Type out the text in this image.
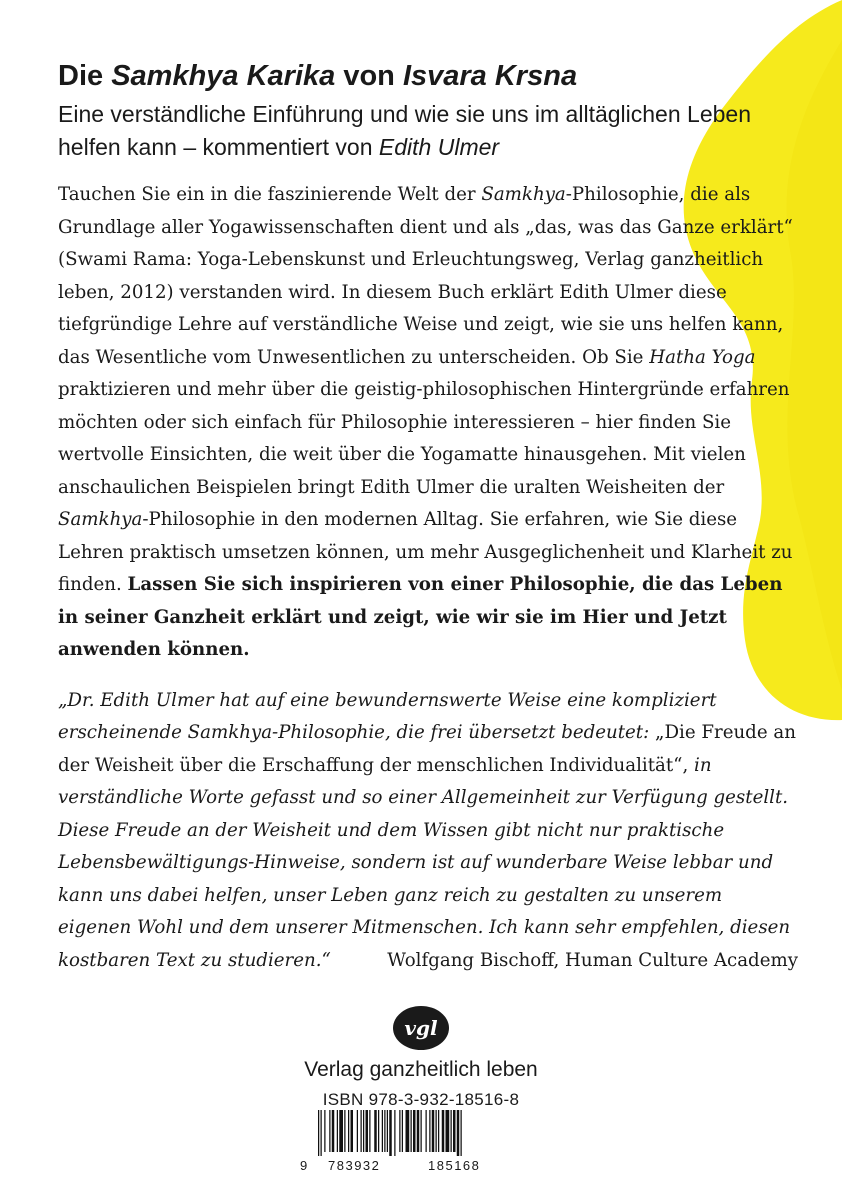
Die Samkhya Karika von Isvara Krsna

Eine verständliche Einführung und wie sie uns im alltäglichen Leben helfen kann – kommentiert von Edith Ulmer

Tauchen Sie ein in die faszinierende Welt der Samkhya-Philosophie, die als Grundlage aller Yogawissenschaften dient und als „das, was das Ganze erklärt“ (Swami Rama: Yoga-Lebenskunst und Erleuchtungsweg, Verlag ganzheitlich leben, 2012) verstanden wird. In diesem Buch erklärt Edith Ulmer diese tiefgründige Lehre auf verständliche Weise und zeigt, wie sie uns helfen kann, das Wesentliche vom Unwesentlichen zu unterscheiden. Ob Sie Hatha Yoga praktizieren und mehr über die geistig-philosophischen Hintergründe erfahren möchten oder sich einfach für Philosophie interessieren – hier finden Sie wertvolle Einsichten, die weit über die Yogamatte hinausgehen. Mit vielen anschaulichen Beispielen bringt Edith Ulmer die uralten Weisheiten der Samkhya-Philosophie in den modernen Alltag. Sie erfahren, wie Sie diese Lehren praktisch umsetzen können, um mehr Ausgeglichenheit und Klarheit zu finden. Lassen Sie sich inspirieren von einer Philosophie, die das Leben in seiner Ganzheit erklärt und zeigt, wie wir sie im Hier und Jetzt anwenden können.

„Dr. Edith Ulmer hat auf eine bewundernswerte Weise eine kompliziert erscheinende Samkhya-Philosophie, die frei übersetzt bedeutet: „Die Freude an der Weisheit über die Erschaffung der menschlichen Individualität“, in verständliche Worte gefasst und so einer Allgemeinheit zur Verfügung gestellt. Diese Freude an der Weisheit und dem Wissen gibt nicht nur praktische Lebensbewältigungs-Hinweise, sondern ist auf wunderbare Weise lebbar und kann uns dabei helfen, unser Leben ganz reich zu gestalten zu unserem eigenen Wohl und dem unserer Mitmenschen. Ich kann sehr empfehlen, diesen kostbaren Text zu studieren.“	Wolfgang Bischoff, Human Culture Academy

vgl
Verlag ganzheitlich leben
ISBN 978-3-932-18516-8
9 783932	185168
